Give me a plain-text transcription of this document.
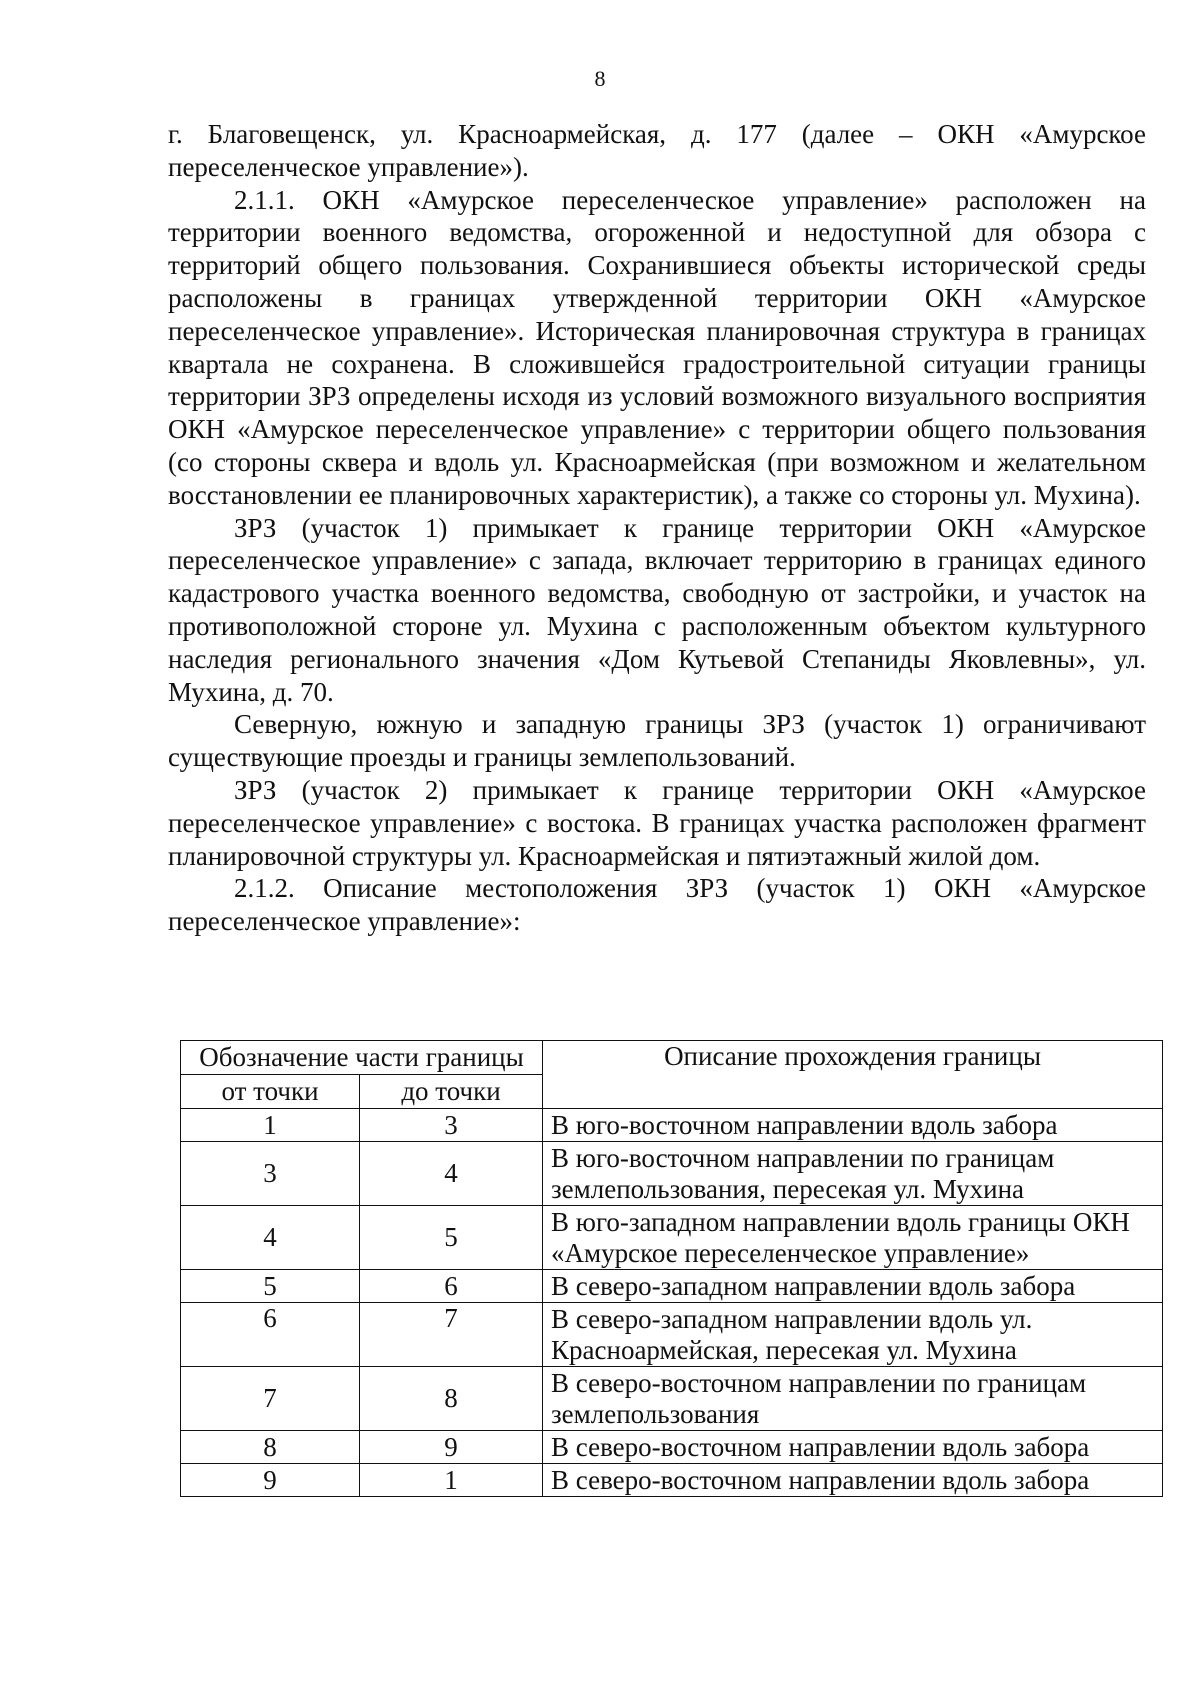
8

г. Благовещенск, ул. Красноармейская, д. 177 (далее – ОКН «Амурское переселенческое управление»).

2.1.1. ОКН «Амурское переселенческое управление» расположен на территории военного ведомства, огороженной и недоступной для обзора с территорий общего пользования. Сохранившиеся объекты исторической среды расположены в границах утвержденной территории ОКН «Амурское переселенческое управление». Историческая планировочная структура в границах квартала не сохранена. В сложившейся градостроительной ситуации границы территории ЗРЗ определены исходя из условий возможного визуального восприятия ОКН «Амурское переселенческое управление» с территории общего пользования (со стороны сквера и вдоль ул. Красноармейская (при возможном и желательном восстановлении ее планировочных характеристик), а также со стороны ул. Мухина).

ЗРЗ (участок 1) примыкает к границе территории ОКН «Амурское переселенческое управление» с запада, включает территорию в границах единого кадастрового участка военного ведомства, свободную от застройки, и участок на противоположной стороне ул. Мухина с расположенным объектом культурного наследия регионального значения «Дом Кутьевой Степаниды Яковлевны», ул. Мухина, д. 70.

Северную, южную и западную границы ЗРЗ (участок 1) ограничивают существующие проезды и границы землепользований.

ЗРЗ (участок 2) примыкает к границе территории ОКН «Амурское переселенческое управление» с востока. В границах участка расположен фрагмент планировочной структуры ул. Красноармейская и пятиэтажный жилой дом.

2.1.2. Описание местоположения ЗРЗ (участок 1) ОКН «Амурское переселенческое управление»:

Обозначение части границы		Описание прохождения границы
от точки	до точки	
1	3	В юго-восточном направлении вдоль забора
3	4	В юго-восточном направлении по границам землепользования, пересекая ул. Мухина
4	5	В юго-западном направлении вдоль границы ОКН «Амурское переселенческое управление»
5	6	В северо-западном направлении вдоль забора
6	7	В северо-западном направлении вдоль ул. Красноармейская, пересекая ул. Мухина
7	8	В северо-восточном направлении по границам землепользования
8	9	В северо-восточном направлении вдоль забора
9	1	В северо-восточном направлении вдоль забора
